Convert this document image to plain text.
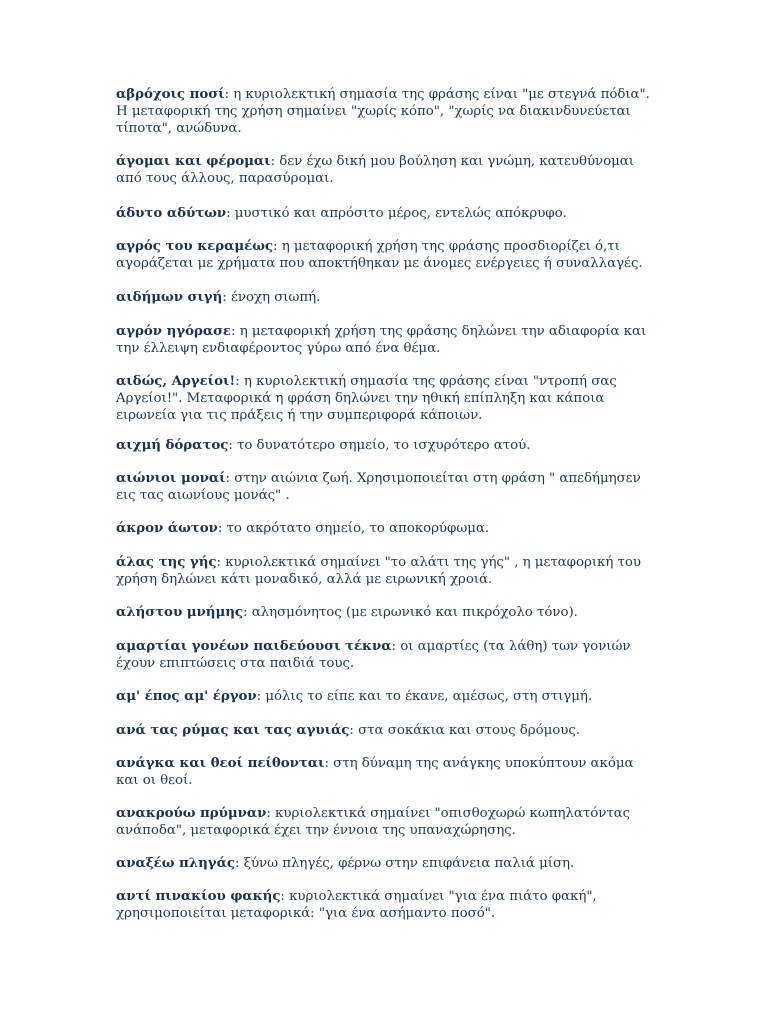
αβρόχοις ποσί: η κυριολεκτική σημασία της φράσης είναι "με στεγνά πόδια". Η μεταφορική της χρήση σημαίνει "χωρίς κόπο", "χωρίς να διακινδυνεύεται τίποτα", ανώδυνα.

άγομαι και φέρομαι: δεν έχω δική μου βούληση και γνώμη, κατευθύνομαι από τους άλλους, παρασύρομαι.

άδυτο αδύτων: μυστικό και απρόσιτο μέρος, εντελώς απόκρυφο.

αγρός του κεραμέως: η μεταφορική χρήση της φράσης προσδιορίζει ό,τι αγοράζεται με χρήματα που αποκτήθηκαν με άνομες ενέργειες ή συναλλαγές.

αιδήμων σιγή: ένοχη σιωπή.

αγρόν ηγόρασε: η μεταφορική χρήση της φράσης δηλώνει την αδιαφορία και την έλλειψη ενδιαφέροντος γύρω από ένα θέμα.

αιδώς, Αργείοι!: η κυριολεκτική σημασία της φράσης είναι "ντροπή σας Αργείοι!". Μεταφορικά η φράση δηλώνει την ηθική επίπληξη και κάποια ειρωνεία για τις πράξεις ή την συμπεριφορά κάποιων.

αιχμή δόρατος: το δυνατότερο σημείο, το ισχυρότερο ατού.

αιώνιοι μοναί: στην αιώνια ζωή. Χρησιμοποιείται στη φράση " απεδήμησεν εις τας αιωνίους μονάς" .

άκρον άωτον: το ακρότατο σημείο, το αποκορύφωμα.

άλας της γής: κυριολεκτικά σημαίνει "το αλάτι της γής" , η μεταφορική του χρήση δηλώνει κάτι μοναδικό, αλλά με ειρωνική χροιά.

αλήστου μνήμης: αλησμόνητος (με ειρωνικό και πικρόχολο τόνο).

αμαρτίαι γονέων παιδεύουσι τέκνα: οι αμαρτίες (τα λάθη) των γονιών έχουν επιπτώσεις στα παιδιά τους.

αμ' έπος αμ' έργον: μόλις το είπε και το έκανε, αμέσως, στη στιγμή.

ανά τας ρύμας και τας αγυιάς: στα σοκάκια και στους δρόμους.

ανάγκα και θεοί πείθονται: στη δύναμη της ανάγκης υποκύπτουν ακόμα και οι θεοί.

ανακρούω πρύμναν: κυριολεκτικά σημαίνει "οπισθοχωρώ κωπηλατόντας ανάποδα", μεταφορικά έχει την έννοια της υπαναχώρησης.

αναξέω πληγάς: ξύνω πληγές, φέρνω στην επιφάνεια παλιά μίση.

αντί πινακίου φακής: κυριολεκτικά σημαίνει "για ένα πιάτο φακή", χρησιμοποιείται μεταφορικά: "για ένα ασήμαντο ποσό".
